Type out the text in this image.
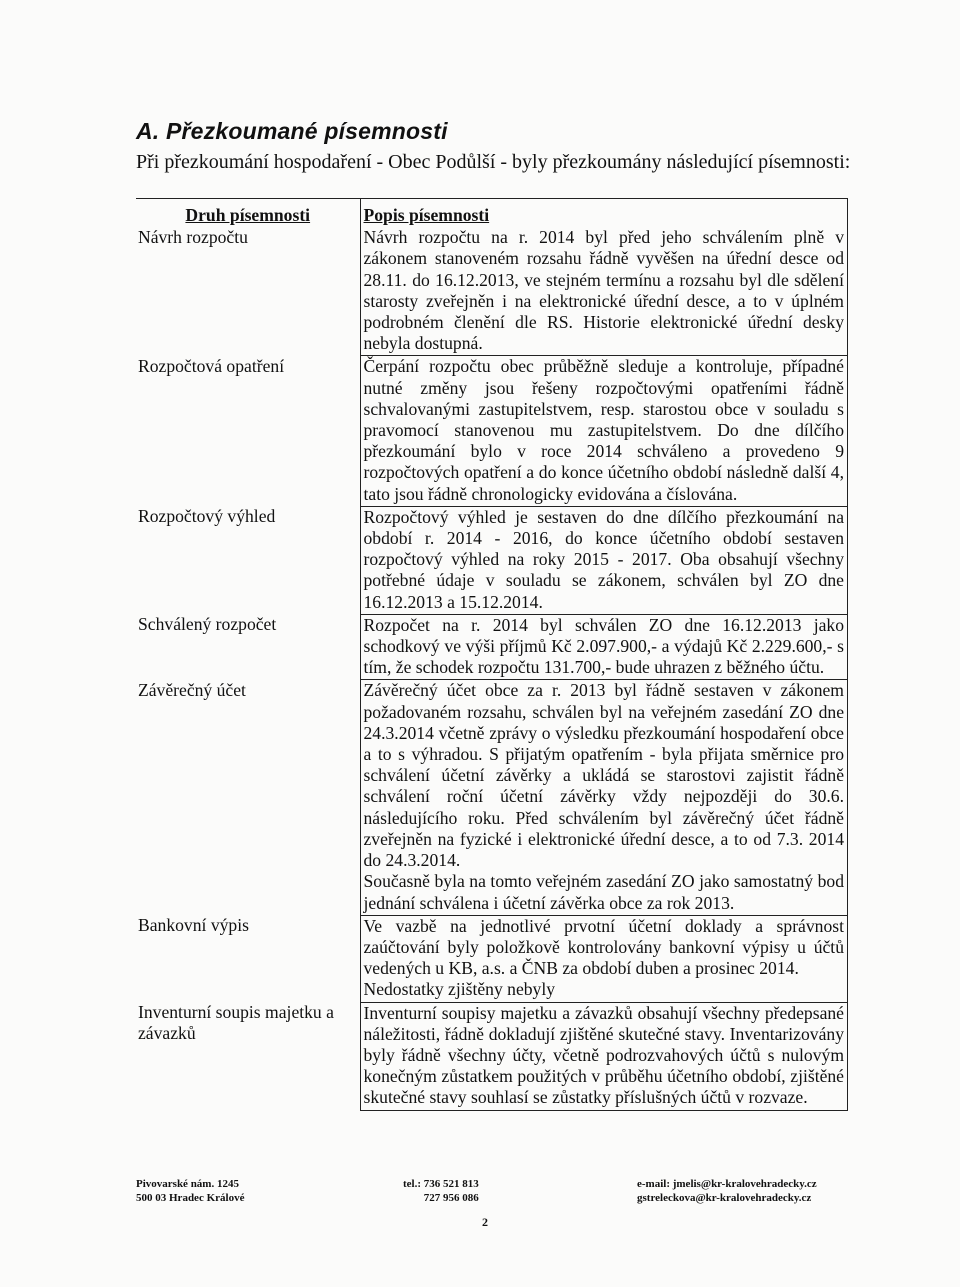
A. Přezkoumané písemnosti
Při přezkoumání hospodaření - Obec Podůlší - byly přezkoumány následující písemnosti:
Druh písemnosti	Popis písemnosti
Návrh rozpočtu	Návrh rozpočtu na r. 2014 byl před jeho schválením plně v zákonem stanoveném rozsahu řádně vyvěšen na úřední desce od 28.11. do 16.12.2013, ve stejném termínu a rozsahu byl dle sdělení starosty zveřejněn i na elektronické úřední desce, a to v úplném podrobném členění dle RS. Historie elektronické úřední desky nebyla dostupná.

Rozpočtová opatření	Čerpání rozpočtu obec průběžně sleduje a kontroluje, případné nutné změny jsou řešeny rozpočtovými opatřeními řádně schvalovanými zastupitelstvem, resp. starostou obce v souladu s pravomocí stanovenou mu zastupitelstvem. Do dne dílčího přezkoumání bylo v roce 2014 schváleno a provedeno 9 rozpočtových opatření a do konce účetního období následně další 4, tato jsou řádně chronologicky evidována a číslována.

Rozpočtový výhled	Rozpočtový výhled je sestaven do dne dílčího přezkoumání na období r. 2014 - 2016, do konce účetního období sestaven rozpočtový výhled na roky 2015 - 2017. Oba obsahují všechny potřebné údaje v souladu se zákonem, schválen byl ZO dne 16.12.2013 a 15.12.2014.

Schválený rozpočet	Rozpočet na r. 2014 byl schválen ZO dne 16.12.2013 jako schodkový ve výši příjmů Kč 2.097.900,- a výdajů Kč 2.229.600,- s tím, že schodek rozpočtu 131.700,- bude uhrazen z běžného účtu.

Závěrečný účet	Závěrečný účet obce za r. 2013 byl řádně sestaven v zákonem požadovaném rozsahu, schválen byl na veřejném zasedání ZO dne 24.3.2014 včetně zprávy o výsledku přezkoumání hospodaření obce a to s výhradou. S přijatým opatřením - byla přijata směrnice pro schválení účetní závěrky a ukládá se starostovi zajistit řádně schválení roční účetní závěrky vždy nejpozději do 30.6. následujícího roku. Před schválením byl závěrečný účet řádně zveřejněn na fyzické i elektronické úřední desce, a to od 7.3. 2014 do 24.3.2014.

Současně byla na tomto veřejném zasedání ZO jako samostatný bod jednání schválena i účetní závěrka obce za rok 2013.

Bankovní výpis	Ve vazbě na jednotlivé prvotní účetní doklady a správnost zaúčtování byly položkově kontrolovány bankovní výpisy u účtů vedených u KB, a.s. a ČNB za období duben a prosinec 2014.

Nedostatky zjištěny nebyly

Inventurní soupis majetku a závazků	Inventurní soupisy majetku a závazků obsahují všechny předepsané náležitosti, řádně dokladují zjištěné skutečné stavy. Inventarizovány byly řádně všechny účty, včetně podrozvahových účtů s nulovým konečným zůstatkem použitých v průběhu účetního období, zjištěné skutečné stavy souhlasí se zůstatky příslušných účtů v rozvaze.

Pivovarské nám. 1245
500 03 Hradec Králové
tel.: 736 521 813
727 956 086
e-mail: jmelis@kr-kralovehradecky.cz
gstreleckova@kr-kralovehradecky.cz
2
